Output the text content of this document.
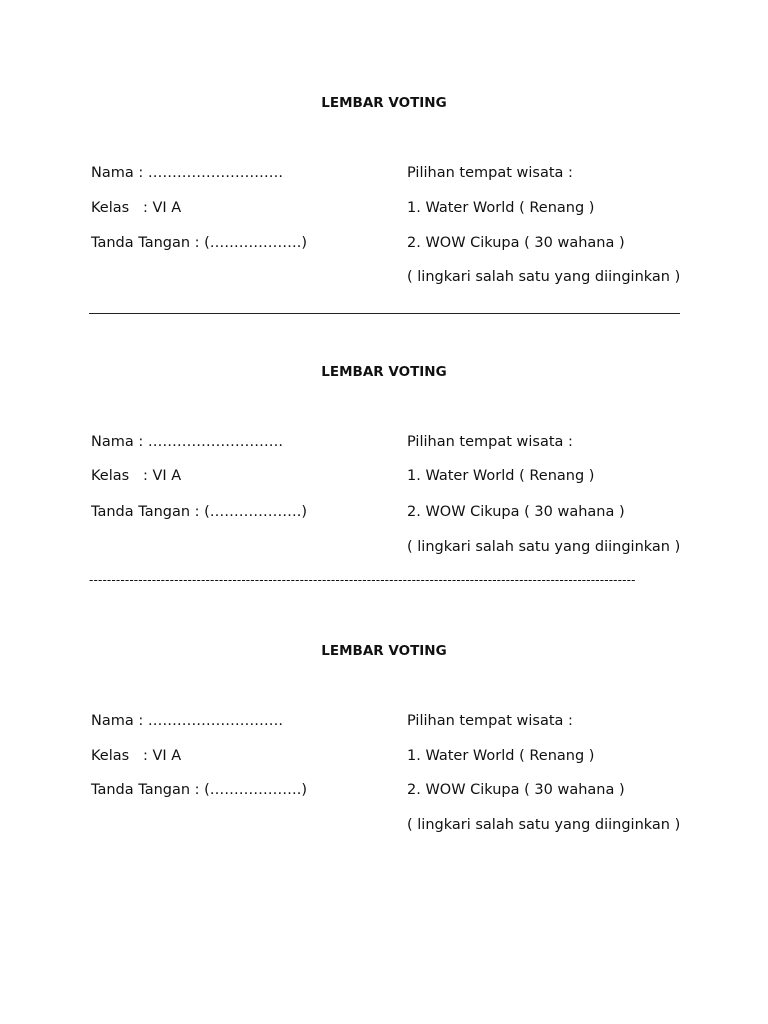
LEMBAR VOTING
Nama : ……………………….
Kelas   : VI A
Tanda Tangan : (……………….)
Pilihan tempat wisata :
1. Water World ( Renang )
2. WOW Cikupa ( 30 wahana )
( lingkari salah satu yang diinginkan )
LEMBAR VOTING
Nama : ……………………….
Kelas   : VI A
Tanda Tangan : (……………….)
Pilihan tempat wisata :
1. Water World ( Renang )
2. WOW Cikupa ( 30 wahana )
( lingkari salah satu yang diinginkan )
--------------------------------------------------------------------------------------------------------------------------
LEMBAR VOTING
Nama : ……………………….
Kelas   : VI A
Tanda Tangan : (……………….)
Pilihan tempat wisata :
1. Water World ( Renang )
2. WOW Cikupa ( 30 wahana )
( lingkari salah satu yang diinginkan )
